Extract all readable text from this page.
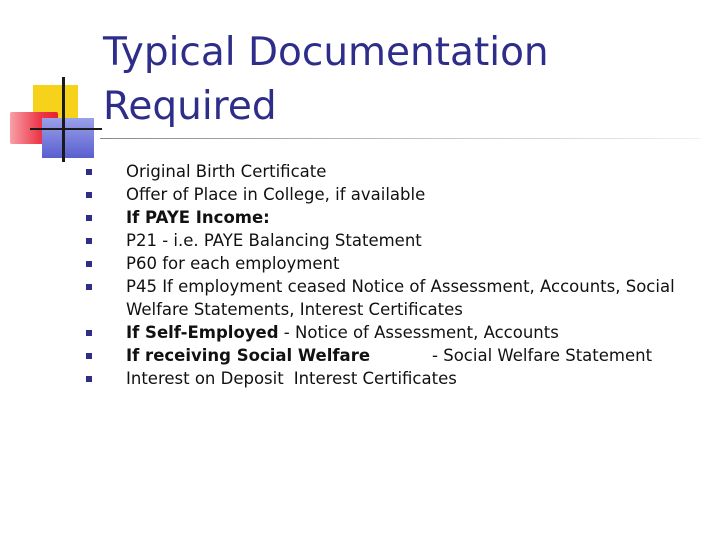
Typical Documentation Required
Original Birth Certificate
Offer of Place in College, if available
If PAYE Income:
P21 - i.e. PAYE Balancing Statement
P60 for each employment
P45 If employment ceased Notice of Assessment, Accounts, Social Welfare Statements, Interest Certificates
If Self-Employed - Notice of Assessment, Accounts
If receiving Social Welfare	- Social Welfare Statement
Interest on Deposit Interest Certificates
